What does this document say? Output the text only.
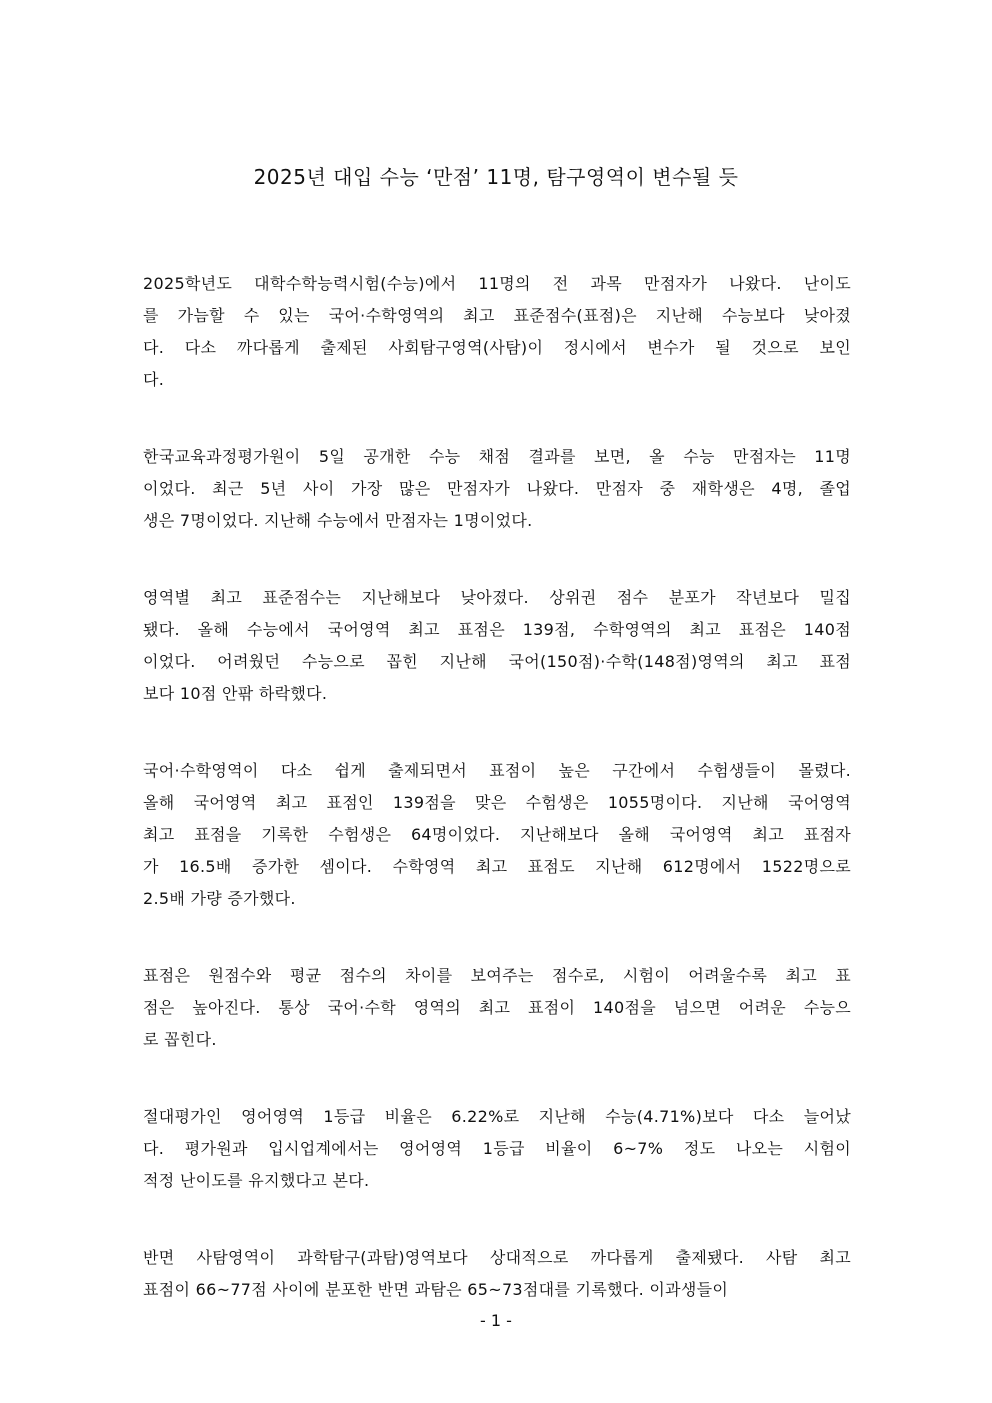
2025년 대입 수능 ‘만점’ 11명, 탐구영역이 변수될 듯
2025학년도 대학수학능력시험(수능)에서 11명의 전 과목 만점자가 나왔다. 난이도
를 가늠할 수 있는 국어·수학영역의 최고 표준점수(표점)은 지난해 수능보다 낮아졌
다. 다소 까다롭게 출제된 사회탐구영역(사탐)이 정시에서 변수가 될 것으로 보인
다.
한국교육과정평가원이 5일 공개한 수능 채점 결과를 보면, 올 수능 만점자는 11명
이었다. 최근 5년 사이 가장 많은 만점자가 나왔다. 만점자 중 재학생은 4명, 졸업
생은 7명이었다. 지난해 수능에서 만점자는 1명이었다.
영역별 최고 표준점수는 지난해보다 낮아졌다. 상위권 점수 분포가 작년보다 밀집
됐다. 올해 수능에서 국어영역 최고 표점은 139점, 수학영역의 최고 표점은 140점
이었다. 어려웠던 수능으로 꼽힌 지난해 국어(150점)·수학(148점)영역의 최고 표점
보다 10점 안팎 하락했다.
국어·수학영역이 다소 쉽게 출제되면서 표점이 높은 구간에서 수험생들이 몰렸다.
올해 국어영역 최고 표점인 139점을 맞은 수험생은 1055명이다. 지난해 국어영역
최고 표점을 기록한 수험생은 64명이었다. 지난해보다 올해 국어영역 최고 표점자
가 16.5배 증가한 셈이다. 수학영역 최고 표점도 지난해 612명에서 1522명으로
2.5배 가량 증가했다.
표점은 원점수와 평균 점수의 차이를 보여주는 점수로, 시험이 어려울수록 최고 표
점은 높아진다. 통상 국어·수학 영역의 최고 표점이 140점을 넘으면 어려운 수능으
로 꼽힌다.
절대평가인 영어영역 1등급 비율은 6.22%로 지난해 수능(4.71%)보다 다소 늘어났
다. 평가원과 입시업계에서는 영어영역 1등급 비율이 6~7% 정도 나오는 시험이
적정 난이도를 유지했다고 본다.
반면 사탐영역이 과학탐구(과탐)영역보다 상대적으로 까다롭게 출제됐다. 사탐 최고
표점이 66~77점 사이에 분포한 반면 과탐은 65~73점대를 기록했다. 이과생들이
- 1 -
